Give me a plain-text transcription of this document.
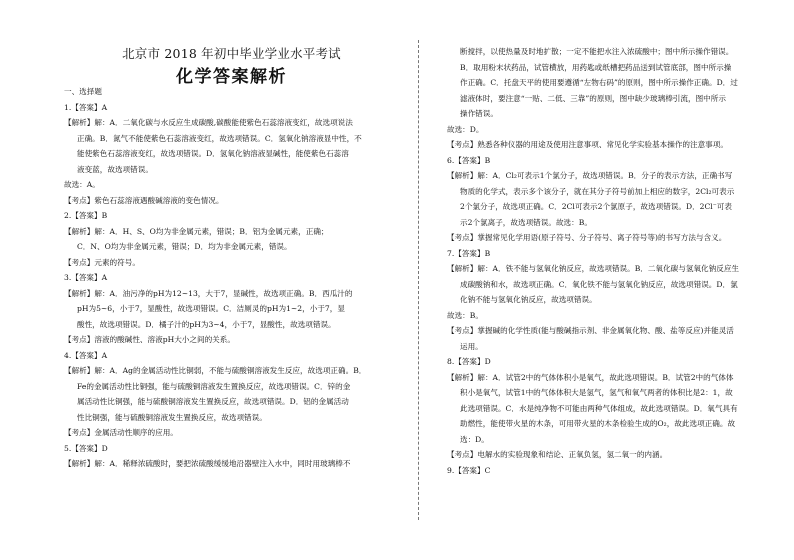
北京市 2018 年初中毕业学业水平考试
化学答案解析
一、选择题
1.【答案】A
【解析】解：A．二氧化碳与水反应生成碳酸,碳酸能使紫色石蕊溶液变红，故选项说法
正确。B．氮气不能使紫色石蕊溶液变红，故选项错误。C．氢氧化钠溶液显中性，不
能使紫色石蕊溶液变红，故选项错误。D．氢氧化钠溶液显碱性，能使紫色石蕊溶
液变蓝，故选项错误。
故选：A。
【考点】紫色石蕊溶液遇酸碱溶液的变色情况。
2.【答案】B
【解析】解：A．H、S、O均为非金属元素，错误；B．铝为金属元素，正确；
C．N、O均为非金属元素，错误；D．均为非金属元素，错误。
【考点】元素的符号。
3.【答案】A
【解析】解：A．油污净的pH为12~13，大于7，显碱性，故选项正确。B．西瓜汁的
pH为5~6，小于7，显酸性，故选项错误。C．洁厕灵的pH为1~2，小于7，显
酸性，故选项错误。D．橘子汁的pH为3~4，小于7，显酸性，故选项错误。
【考点】溶液的酸碱性、溶液pH大小之间的关系。
4.【答案】A
【解析】解：A．Ag的金属活动性比铜弱，不能与硫酸铜溶液发生反应，故选项正确。B．
Fe的金属活动性比铜强，能与硫酸铜溶液发生置换反应，故选项错误。C．锌的金
属活动性比铜强，能与硫酸铜溶液发生置换反应，故选项错误。D．铝的金属活动
性比铜强，能与硫酸铜溶液发生置换反应，故选项错误。
【考点】金属活动性顺序的应用。
5.【答案】D
【解析】解：A．稀释浓硫酸时，要把浓硫酸缓缓地沿器壁注入水中，同时用玻璃棒不
断搅拌，以使热量及时地扩散；一定不能把水注入浓硫酸中；图中所示操作错误。
B．取用粉末状药品，试管横放，用药匙或纸槽把药品送到试管底部，图中所示操
作正确。C．托盘天平的使用要遵循“左物右码”的原则，图中所示操作正确。D．过
滤液体时，要注意“一贴、二低、三靠”的原则，图中缺少玻璃棒引流，图中所示
操作错误。
故选：D。
【考点】熟悉各种仪器的用途及使用注意事项、常见化学实验基本操作的注意事项。
6.【答案】B
【解析】解：A．Cl₂可表示1个氯分子，故选项错误。B．分子的表示方法，正确书写
物质的化学式，表示多个该分子，就在其分子符号前加上相应的数字，2Cl₂可表示
2个氯分子，故选项正确。C．2Cl可表示2个氯原子，故选项错误。D．2Cl⁻可表
示2个氯离子，故选项错误。故选：B。
【考点】掌握常见化学用语(原子符号、分子符号、离子符号等)的书写方法与含义。
7.【答案】B
【解析】解：A．铁不能与氢氧化钠反应，故选项错误。B．二氧化碳与氢氧化钠反应生
成碳酸钠和水，故选项正确。C．氧化铁不能与氢氧化钠反应，故选项错误。D．氯
化钠不能与氢氧化钠反应，故选项错误。
故选：B。
【考点】掌握碱的化学性质(能与酸碱指示剂、非金属氧化物、酸、盐等反应)并能灵活
运用。
8.【答案】D
【解析】解：A．试管2中的气体体积小是氧气，故此选项错误。B．试管2中的气体体
积小是氧气，试管1中的气体体积大是氢气，氢气和氧气两者的体积比是2：1，故
此选项错误。C．水是纯净物不可能由两种气体组成，故此选项错误。D．氧气具有
助燃性，能使带火星的木条，可用带火星的木条检验生成的O₂，故此选项正确。故
选：D。
【考点】电解水的实验现象和结论、正氧负氢，氢二氧一的内涵。
9.【答案】C
